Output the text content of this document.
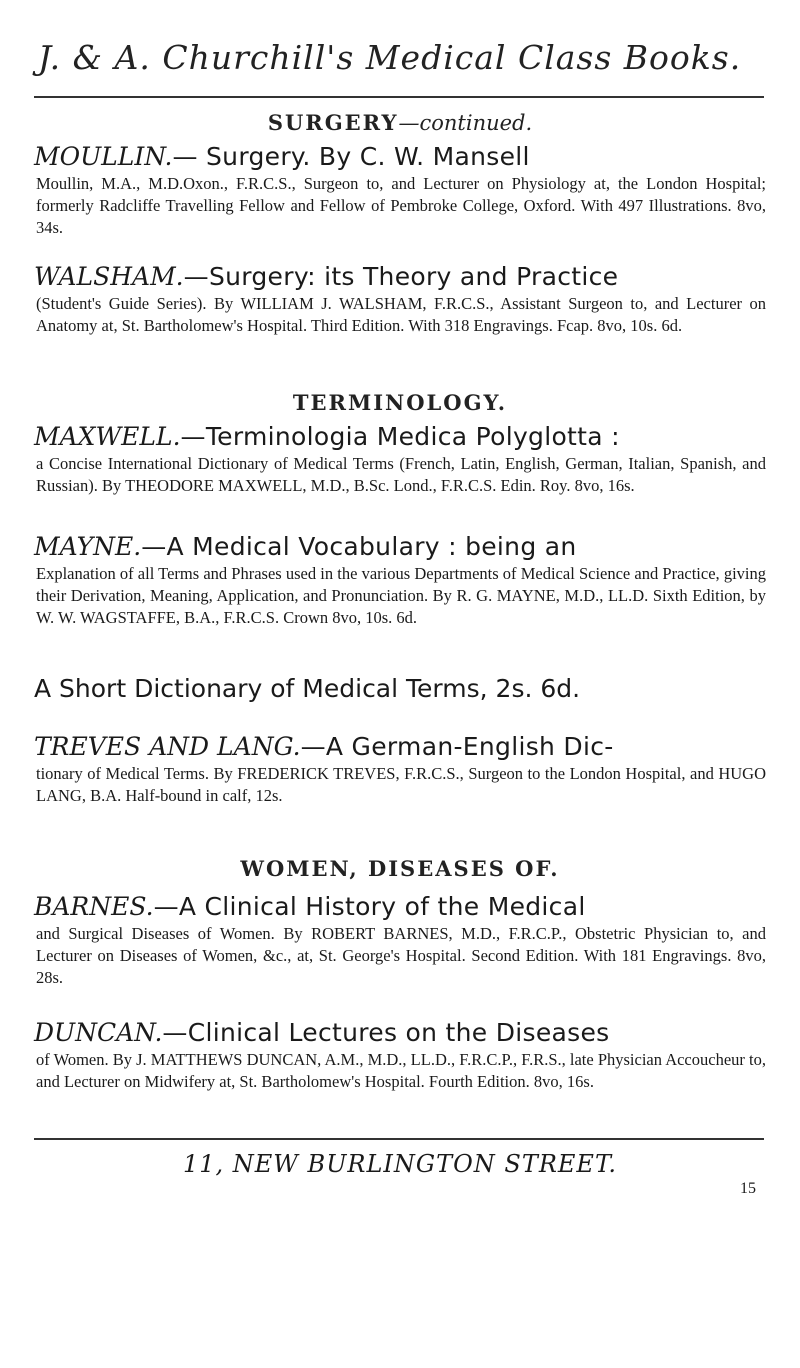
J. & A. Churchill's Medical Class Books.
SURGERY—continued.
MOULLIN.— Surgery. By C. W. Mansell
Moullin, M.A., M.D.Oxon., F.R.C.S., Surgeon to, and Lecturer on Physiology at, the London Hospital; formerly Radcliffe Travelling Fellow and Fellow of Pembroke College, Oxford. With 497 Illustrations. 8vo, 34s.
WALSHAM.—Surgery: its Theory and Practice
(Student's Guide Series). By WILLIAM J. WALSHAM, F.R.C.S., Assistant Surgeon to, and Lecturer on Anatomy at, St. Bartholomew's Hospital. Third Edition. With 318 Engravings. Fcap. 8vo, 10s. 6d.
TERMINOLOGY.
MAXWELL.—Terminologia Medica Polyglotta :
a Concise International Dictionary of Medical Terms (French, Latin, English, German, Italian, Spanish, and Russian). By THEODORE MAXWELL, M.D., B.Sc. Lond., F.R.C.S. Edin. Roy. 8vo, 16s.
MAYNE.—A Medical Vocabulary : being an
Explanation of all Terms and Phrases used in the various Departments of Medical Science and Practice, giving their Derivation, Meaning, Application, and Pronunciation. By R. G. MAYNE, M.D., LL.D. Sixth Edition, by W. W. WAGSTAFFE, B.A., F.R.C.S. Crown 8vo, 10s. 6d.
A Short Dictionary of Medical Terms, 2s. 6d.
TREVES AND LANG.—A German-English Dic-
tionary of Medical Terms. By FREDERICK TREVES, F.R.C.S., Surgeon to the London Hospital, and HUGO LANG, B.A. Half-bound in calf, 12s.
WOMEN, DISEASES OF.
BARNES.—A Clinical History of the Medical
and Surgical Diseases of Women. By ROBERT BARNES, M.D., F.R.C.P., Obstetric Physician to, and Lecturer on Diseases of Women, &c., at, St. George's Hospital. Second Edition. With 181 Engravings. 8vo, 28s.
DUNCAN.—Clinical Lectures on the Diseases
of Women. By J. MATTHEWS DUNCAN, A.M., M.D., LL.D., F.R.C.P., F.R.S., late Physician Accoucheur to, and Lecturer on Midwifery at, St. Bartholomew's Hospital. Fourth Edition. 8vo, 16s.
11, NEW BURLINGTON STREET.
15
